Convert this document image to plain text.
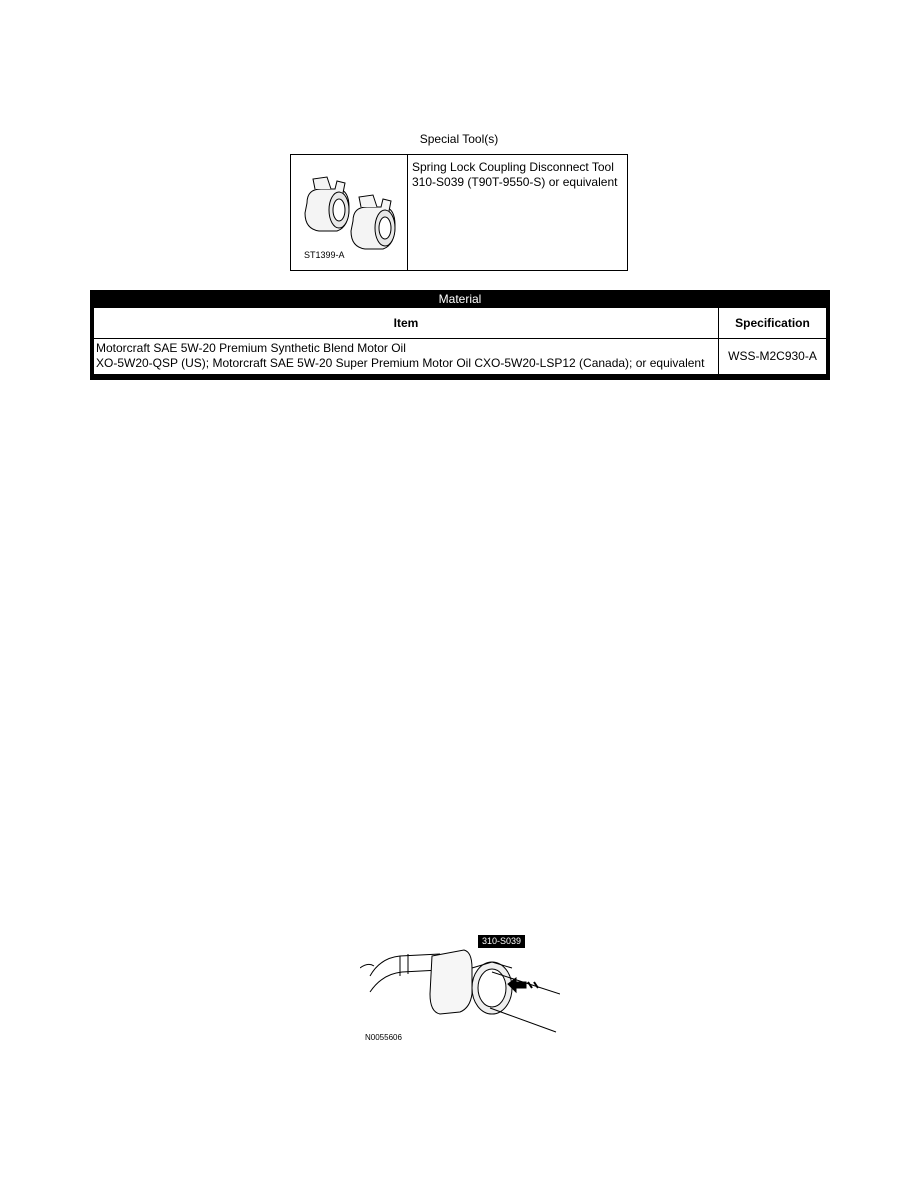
Special Tool(s)
ST1399-A
Spring Lock Coupling Disconnect Tool
310-S039 (T90T-9550-S) or equivalent
Material
Item	Specification
Motorcraft SAE 5W-20 Premium Synthetic Blend Motor Oil
XO-5W20-QSP (US); Motorcraft SAE 5W-20 Super Premium Motor Oil CXO-5W20-LSP12 (Canada); or equivalent	WSS-M2C930-A
310-S039
N0055606
